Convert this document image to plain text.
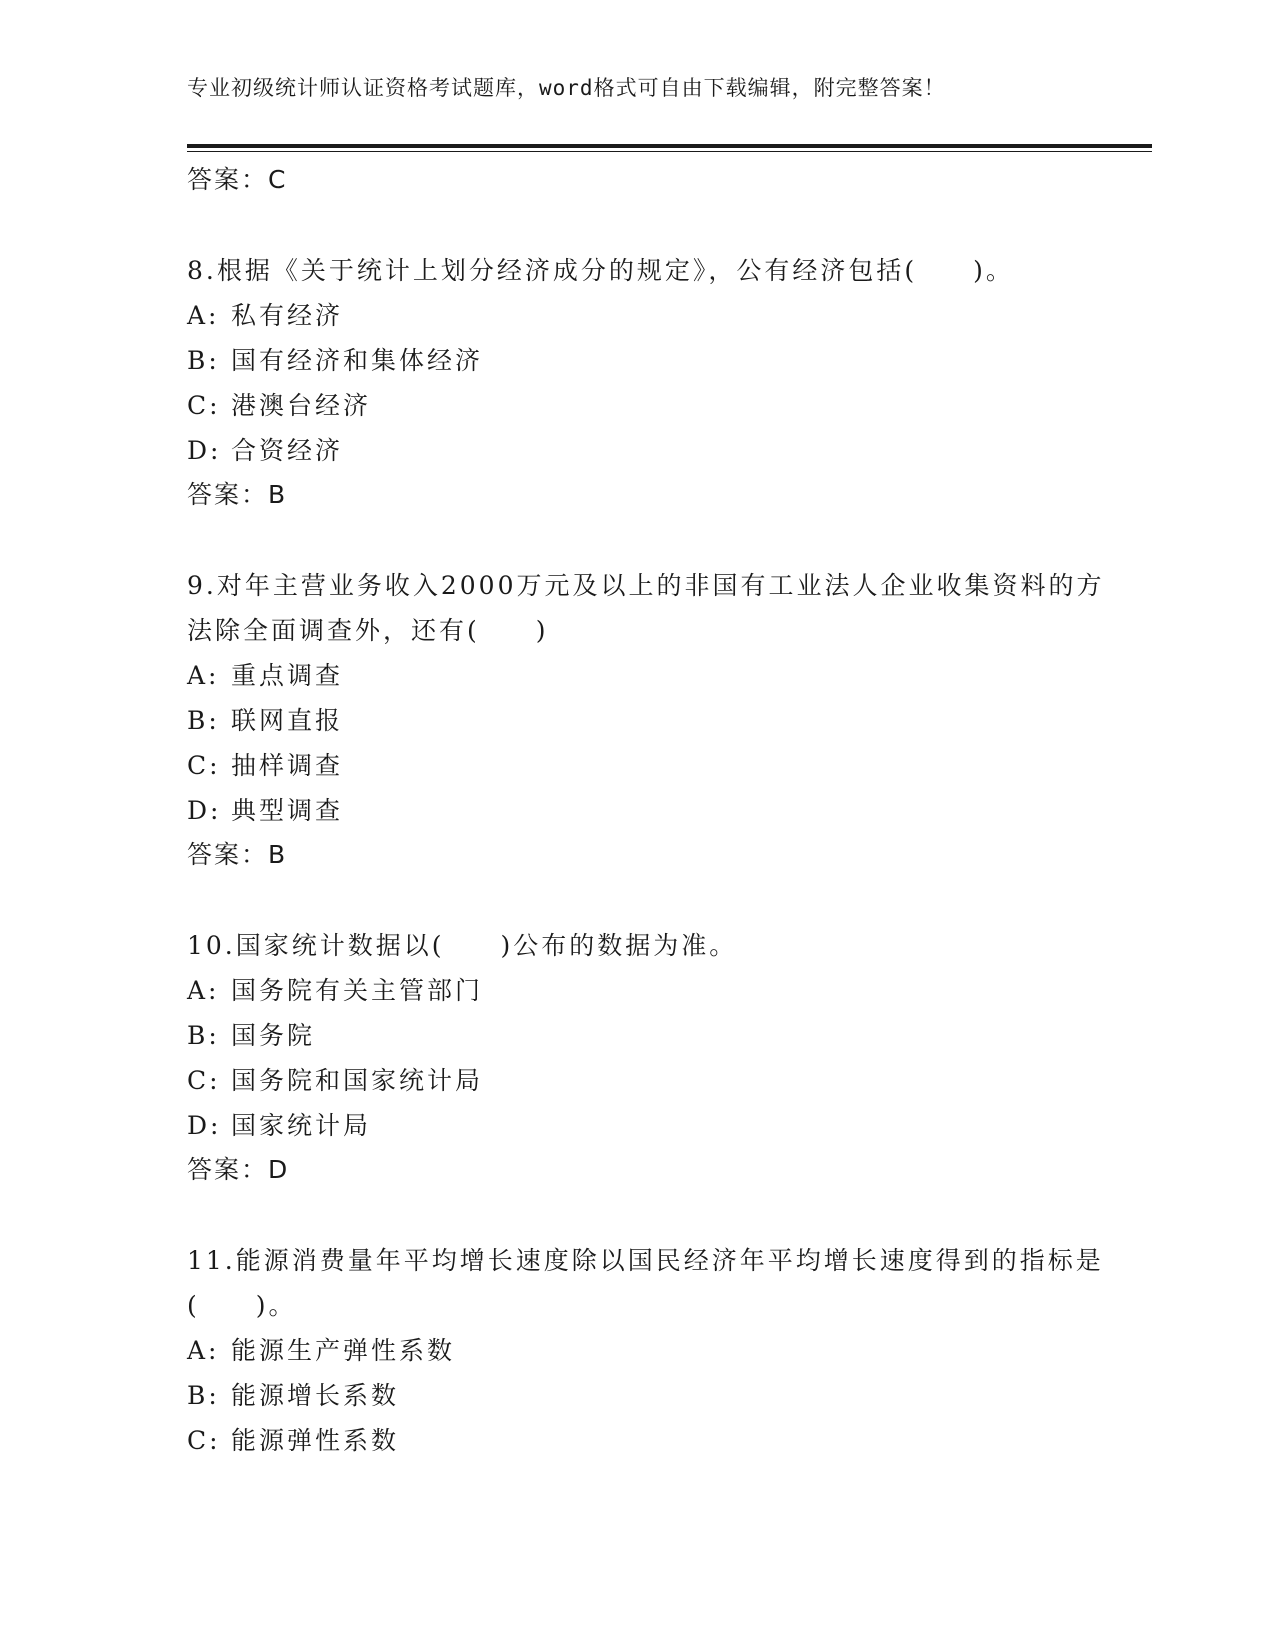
专业初级统计师认证资格考试题库，word格式可自由下载编辑，附完整答案！
答案：C
8.根据《关于统计上划分经济成分的规定》，公有经济包括(　　)。
A: 私有经济
B: 国有经济和集体经济
C: 港澳台经济
D: 合资经济
答案：B
9.对年主营业务收入2000万元及以上的非国有工业法人企业收集资料的方法除全面调查外，还有(　　)
A: 重点调查
B: 联网直报
C: 抽样调查
D: 典型调查
答案：B
10.国家统计数据以(　　)公布的数据为准。
A: 国务院有关主管部门
B: 国务院
C: 国务院和国家统计局
D: 国家统计局
答案：D
11.能源消费量年平均增长速度除以国民经济年平均增长速度得到的指标是(　　)。
A: 能源生产弹性系数
B: 能源增长系数
C: 能源弹性系数
